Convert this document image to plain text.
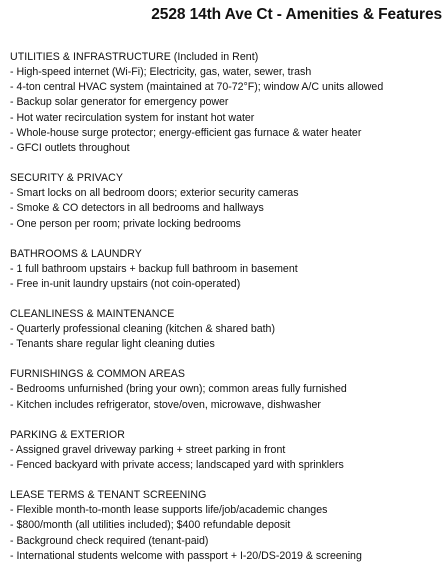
2528 14th Ave Ct - Amenities & Features
UTILITIES & INFRASTRUCTURE (Included in Rent)
- High-speed internet (Wi-Fi); Electricity, gas, water, sewer, trash
- 4-ton central HVAC system (maintained at 70-72°F); window A/C units allowed
- Backup solar generator for emergency power
- Hot water recirculation system for instant hot water
- Whole-house surge protector; energy-efficient gas furnace & water heater
- GFCI outlets throughout
SECURITY & PRIVACY
- Smart locks on all bedroom doors; exterior security cameras
- Smoke & CO detectors in all bedrooms and hallways
- One person per room; private locking bedrooms
BATHROOMS & LAUNDRY
- 1 full bathroom upstairs + backup full bathroom in basement
- Free in-unit laundry upstairs (not coin-operated)
CLEANLINESS & MAINTENANCE
- Quarterly professional cleaning (kitchen & shared bath)
- Tenants share regular light cleaning duties
FURNISHINGS & COMMON AREAS
- Bedrooms unfurnished (bring your own); common areas fully furnished
- Kitchen includes refrigerator, stove/oven, microwave, dishwasher
PARKING & EXTERIOR
- Assigned gravel driveway parking + street parking in front
- Fenced backyard with private access; landscaped yard with sprinklers
LEASE TERMS & TENANT SCREENING
- Flexible month-to-month lease supports life/job/academic changes
- $800/month (all utilities included); $400 refundable deposit
- Background check required (tenant-paid)
- International students welcome with passport + I-20/DS-2019 & screening
